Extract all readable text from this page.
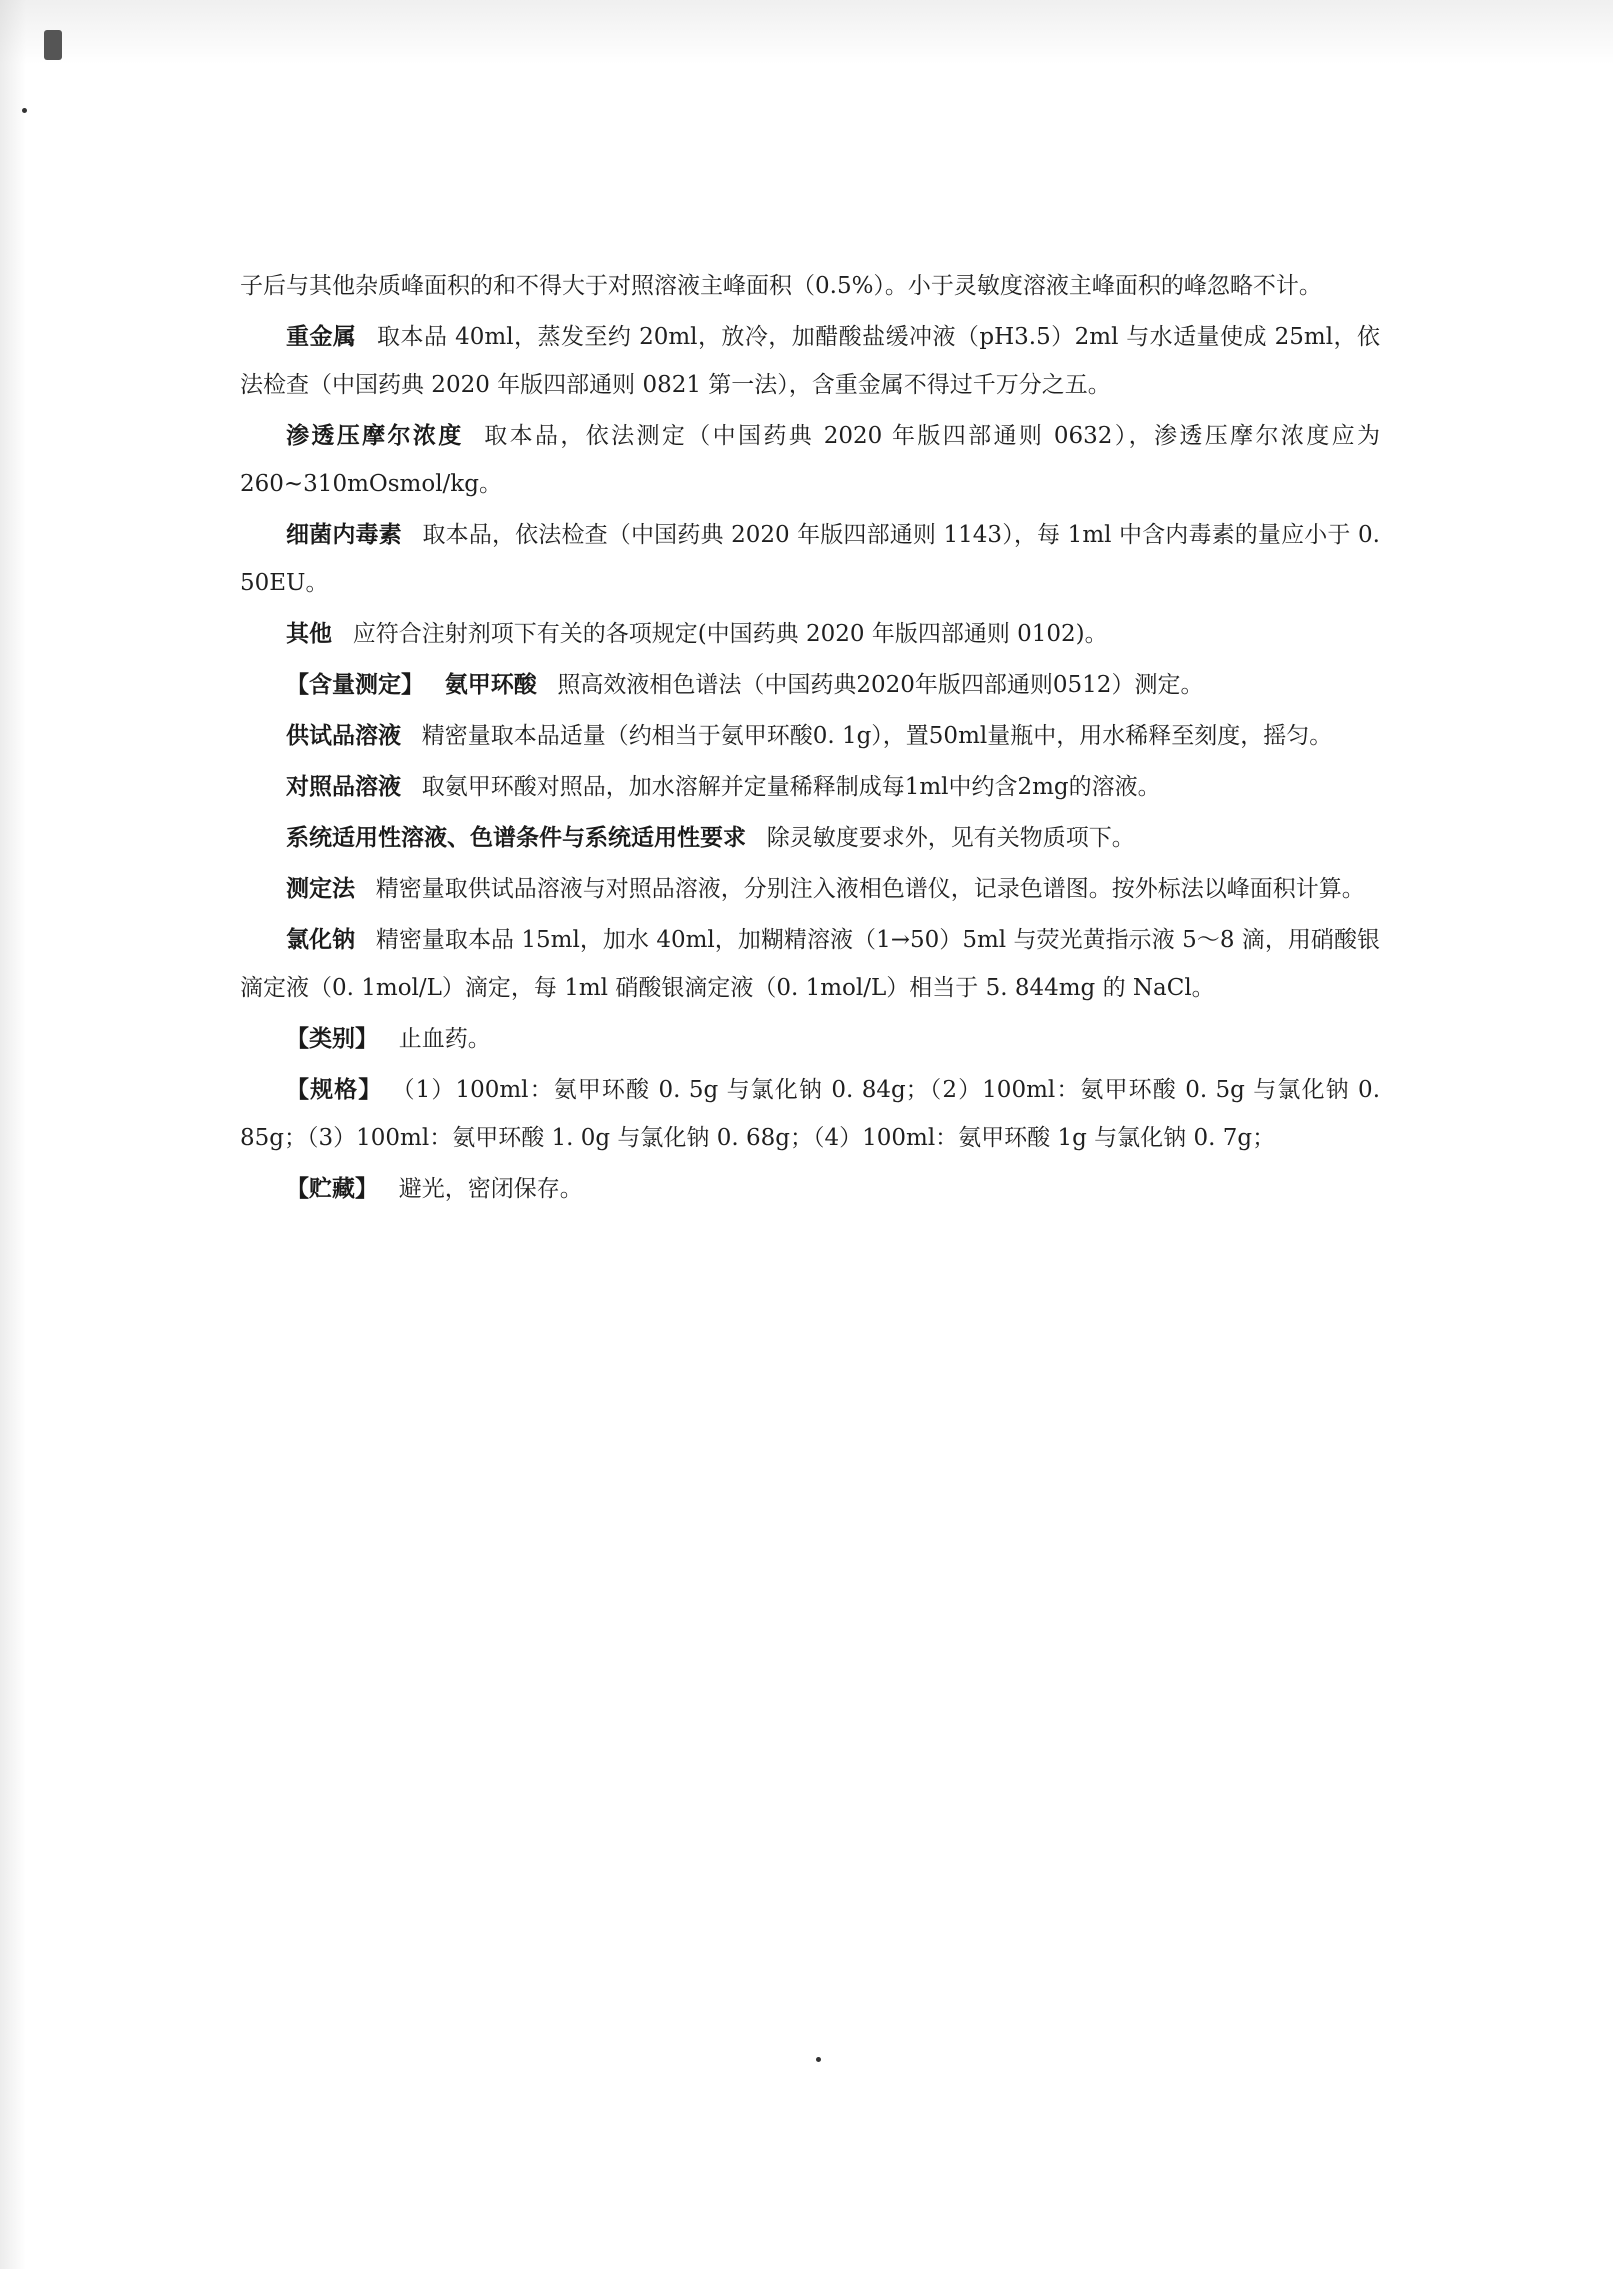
子后与其他杂质峰面积的和不得大于对照溶液主峰面积（0.5%）。小于灵敏度溶液主峰面积的峰忽略不计。

重金属 取本品 40ml，蒸发至约 20ml，放冷，加醋酸盐缓冲液（pH3.5）2ml 与水适量使成 25ml，依法检查（中国药典 2020 年版四部通则 0821 第一法），含重金属不得过千万分之五。

渗透压摩尔浓度 取本品，依法测定（中国药典 2020 年版四部通则 0632），渗透压摩尔浓度应为 260~310mOsmol/kg。

细菌内毒素 取本品，依法检查（中国药典 2020 年版四部通则 1143），每 1ml 中含内毒素的量应小于 0. 50EU。

其他 应符合注射剂项下有关的各项规定(中国药典 2020 年版四部通则 0102)。

【含量测定】 氨甲环酸 照高效液相色谱法（中国药典2020年版四部通则0512）测定。

供试品溶液 精密量取本品适量（约相当于氨甲环酸0. 1g），置50ml量瓶中，用水稀释至刻度，摇匀。

对照品溶液 取氨甲环酸对照品，加水溶解并定量稀释制成每1ml中约含2mg的溶液。

系统适用性溶液、色谱条件与系统适用性要求 除灵敏度要求外，见有关物质项下。

测定法 精密量取供试品溶液与对照品溶液，分别注入液相色谱仪，记录色谱图。按外标法以峰面积计算。

氯化钠 精密量取本品 15ml，加水 40ml，加糊精溶液（1→50）5ml 与荧光黄指示液 5～8 滴，用硝酸银滴定液（0. 1mol/L）滴定，每 1ml 硝酸银滴定液（0. 1mol/L）相当于 5. 844mg 的 NaCl。

【类别】 止血药。

【规格】 （1）100ml：氨甲环酸 0. 5g 与氯化钠 0. 84g；（2）100ml：氨甲环酸 0. 5g 与氯化钠 0. 85g；（3）100ml：氨甲环酸 1. 0g 与氯化钠 0. 68g；（4）100ml：氨甲环酸 1g 与氯化钠 0. 7g；

【贮藏】 避光，密闭保存。
